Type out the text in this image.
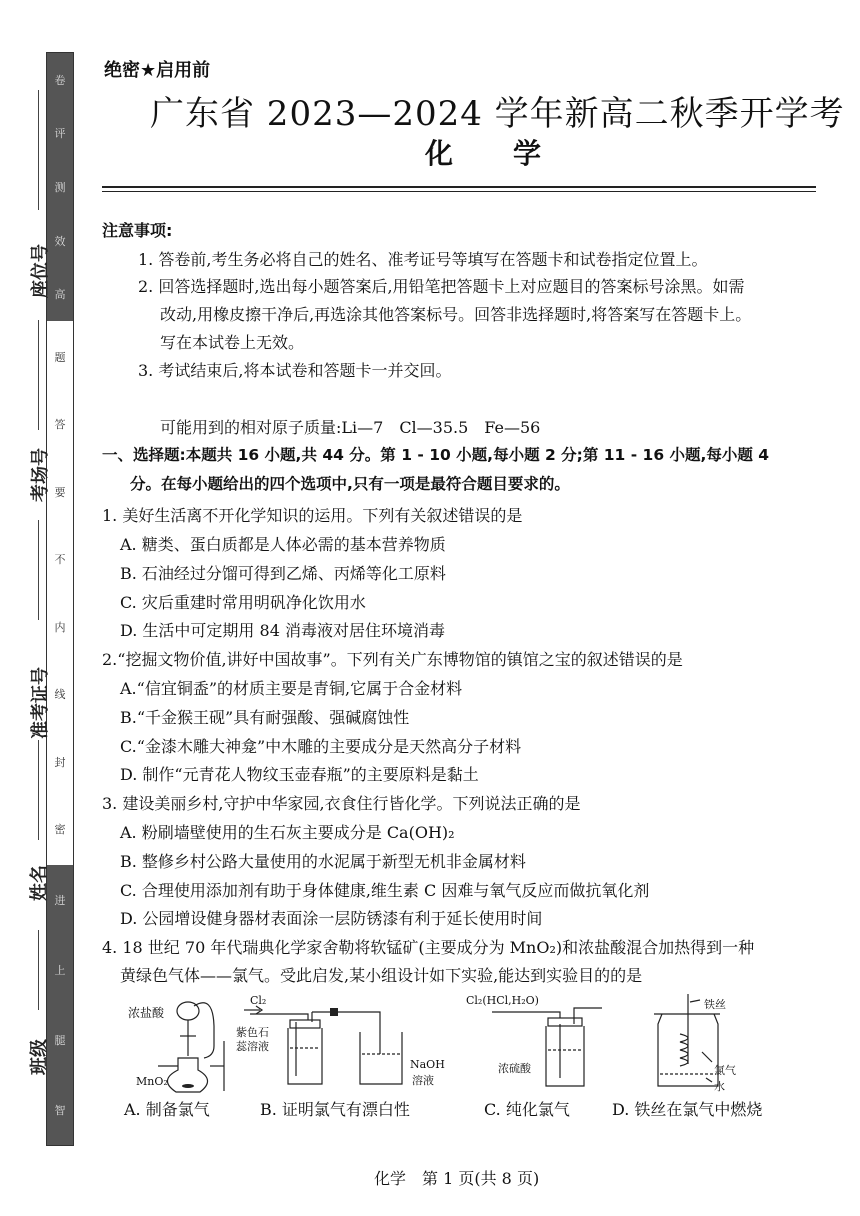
卷
评
测
效
高
题
答
要
不
内
线
封
密
进
上
腿
智
座位号
考场号
准考证号
姓名
班级
绝密★启用前
广东省 2023—2024 学年新高二秋季开学考
化　学
注意事项:
1. 答卷前,考生务必将自己的姓名、准考证号等填写在答题卡和试卷指定位置上。
2. 回答选择题时,选出每小题答案后,用铅笔把答题卡上对应题目的答案标号涂黑。如需
改动,用橡皮擦干净后,再选涂其他答案标号。回答非选择题时,将答案写在答题卡上。
写在本试卷上无效。
3. 考试结束后,将本试卷和答题卡一并交回。
可能用到的相对原子质量:Li—7　Cl—35.5　Fe—56
一、选择题:本题共 16 小题,共 44 分。第 1 - 10 小题,每小题 2 分;第 11 - 16 小题,每小题 4
分。在每小题给出的四个选项中,只有一项是最符合题目要求的。
1. 美好生活离不开化学知识的运用。下列有关叙述错误的是
A. 糖类、蛋白质都是人体必需的基本营养物质
B. 石油经过分馏可得到乙烯、丙烯等化工原料
C. 灾后重建时常用明矾净化饮用水
D. 生活中可定期用 84 消毒液对居住环境消毒
2.“挖掘文物价值,讲好中国故事”。下列有关广东博物馆的镇馆之宝的叙述错误的是
A.“信宜铜盉”的材质主要是青铜,它属于合金材料
B.“千金猴王砚”具有耐强酸、强碱腐蚀性
C.“金漆木雕大神龛”中木雕的主要成分是天然高分子材料
D. 制作“元青花人物纹玉壶春瓶”的主要原料是黏土
3. 建设美丽乡村,守护中华家园,衣食住行皆化学。下列说法正确的是
A. 粉刷墙壁使用的生石灰主要成分是 Ca(OH)₂
B. 整修乡村公路大量使用的水泥属于新型无机非金属材料
C. 合理使用添加剂有助于身体健康,维生素 C 因难与氧气反应而做抗氧化剂
D. 公园增设健身器材表面涂一层防锈漆有利于延长使用时间
4. 18 世纪 70 年代瑞典化学家舍勒将软锰矿(主要成分为 MnO₂)和浓盐酸混合加热得到一种
黄绿色气体——氯气。受此启发,某小组设计如下实验,能达到实验目的的是
浓盐酸
MnO₂
A. 制备氯气
Cl₂
紫色石
蕊溶液
NaOH
溶液
B. 证明氯气有漂白性
Cl₂(HCl,H₂O)
浓硫酸
C. 纯化氯气
铁丝
氯气
水
D. 铁丝在氯气中燃烧
化学　第 1 页(共 8 页)
